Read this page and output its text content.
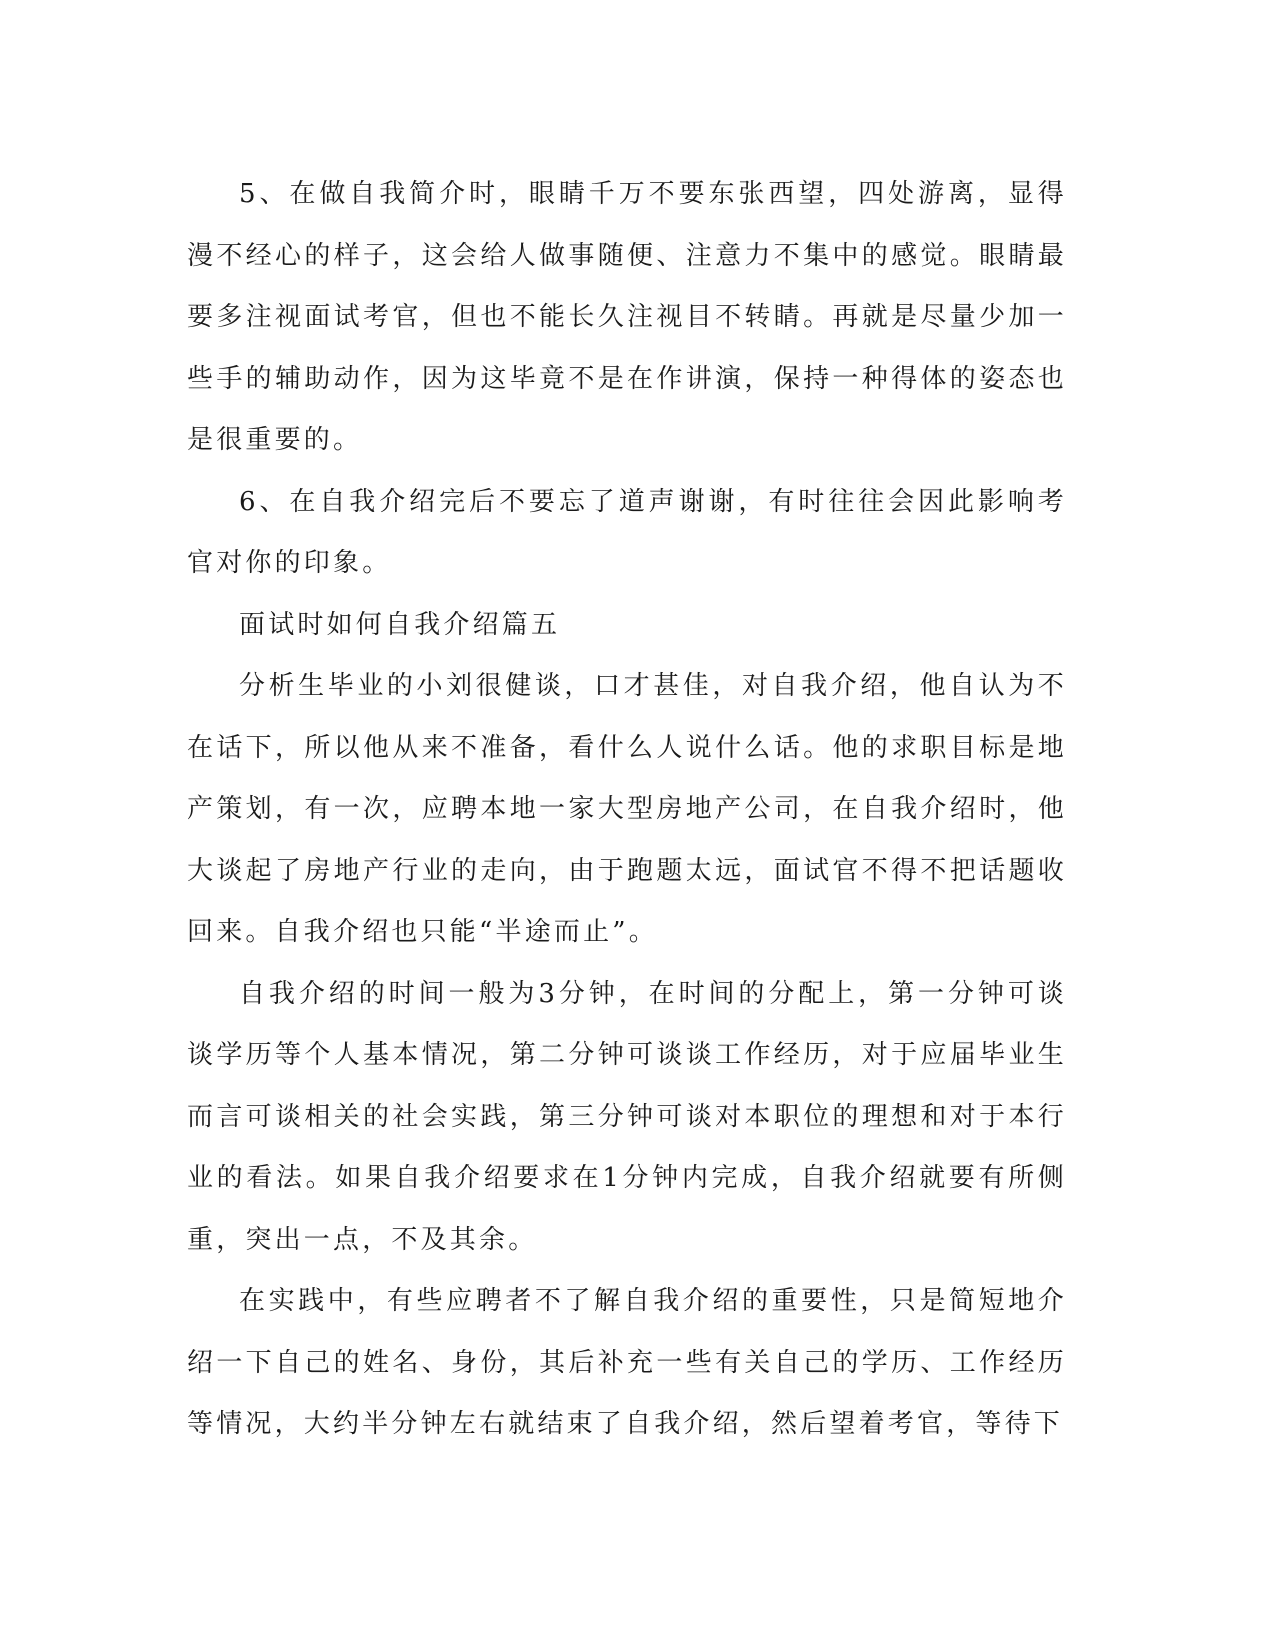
5、在做自我简介时，眼睛千万不要东张西望，四处游离，显得漫不经心的样子，这会给人做事随便、注意力不集中的感觉。眼睛最要多注视面试考官，但也不能长久注视目不转睛。再就是尽量少加一些手的辅助动作，因为这毕竟不是在作讲演，保持一种得体的姿态也是很重要的。

6、在自我介绍完后不要忘了道声谢谢，有时往往会因此影响考官对你的印象。

面试时如何自我介绍篇五

分析生毕业的小刘很健谈，口才甚佳，对自我介绍，他自认为不在话下，所以他从来不准备，看什么人说什么话。他的求职目标是地产策划，有一次，应聘本地一家大型房地产公司，在自我介绍时，他大谈起了房地产行业的走向，由于跑题太远，面试官不得不把话题收回来。自我介绍也只能“半途而止”。

自我介绍的时间一般为3分钟，在时间的分配上，第一分钟可谈谈学历等个人基本情况，第二分钟可谈谈工作经历，对于应届毕业生而言可谈相关的社会实践，第三分钟可谈对本职位的理想和对于本行业的看法。如果自我介绍要求在1分钟内完成，自我介绍就要有所侧重，突出一点，不及其余。

在实践中，有些应聘者不了解自我介绍的重要性，只是简短地介绍一下自己的姓名、身份，其后补充一些有关自己的学历、工作经历等情况，大约半分钟左右就结束了自我介绍，然后望着考官，等待下
